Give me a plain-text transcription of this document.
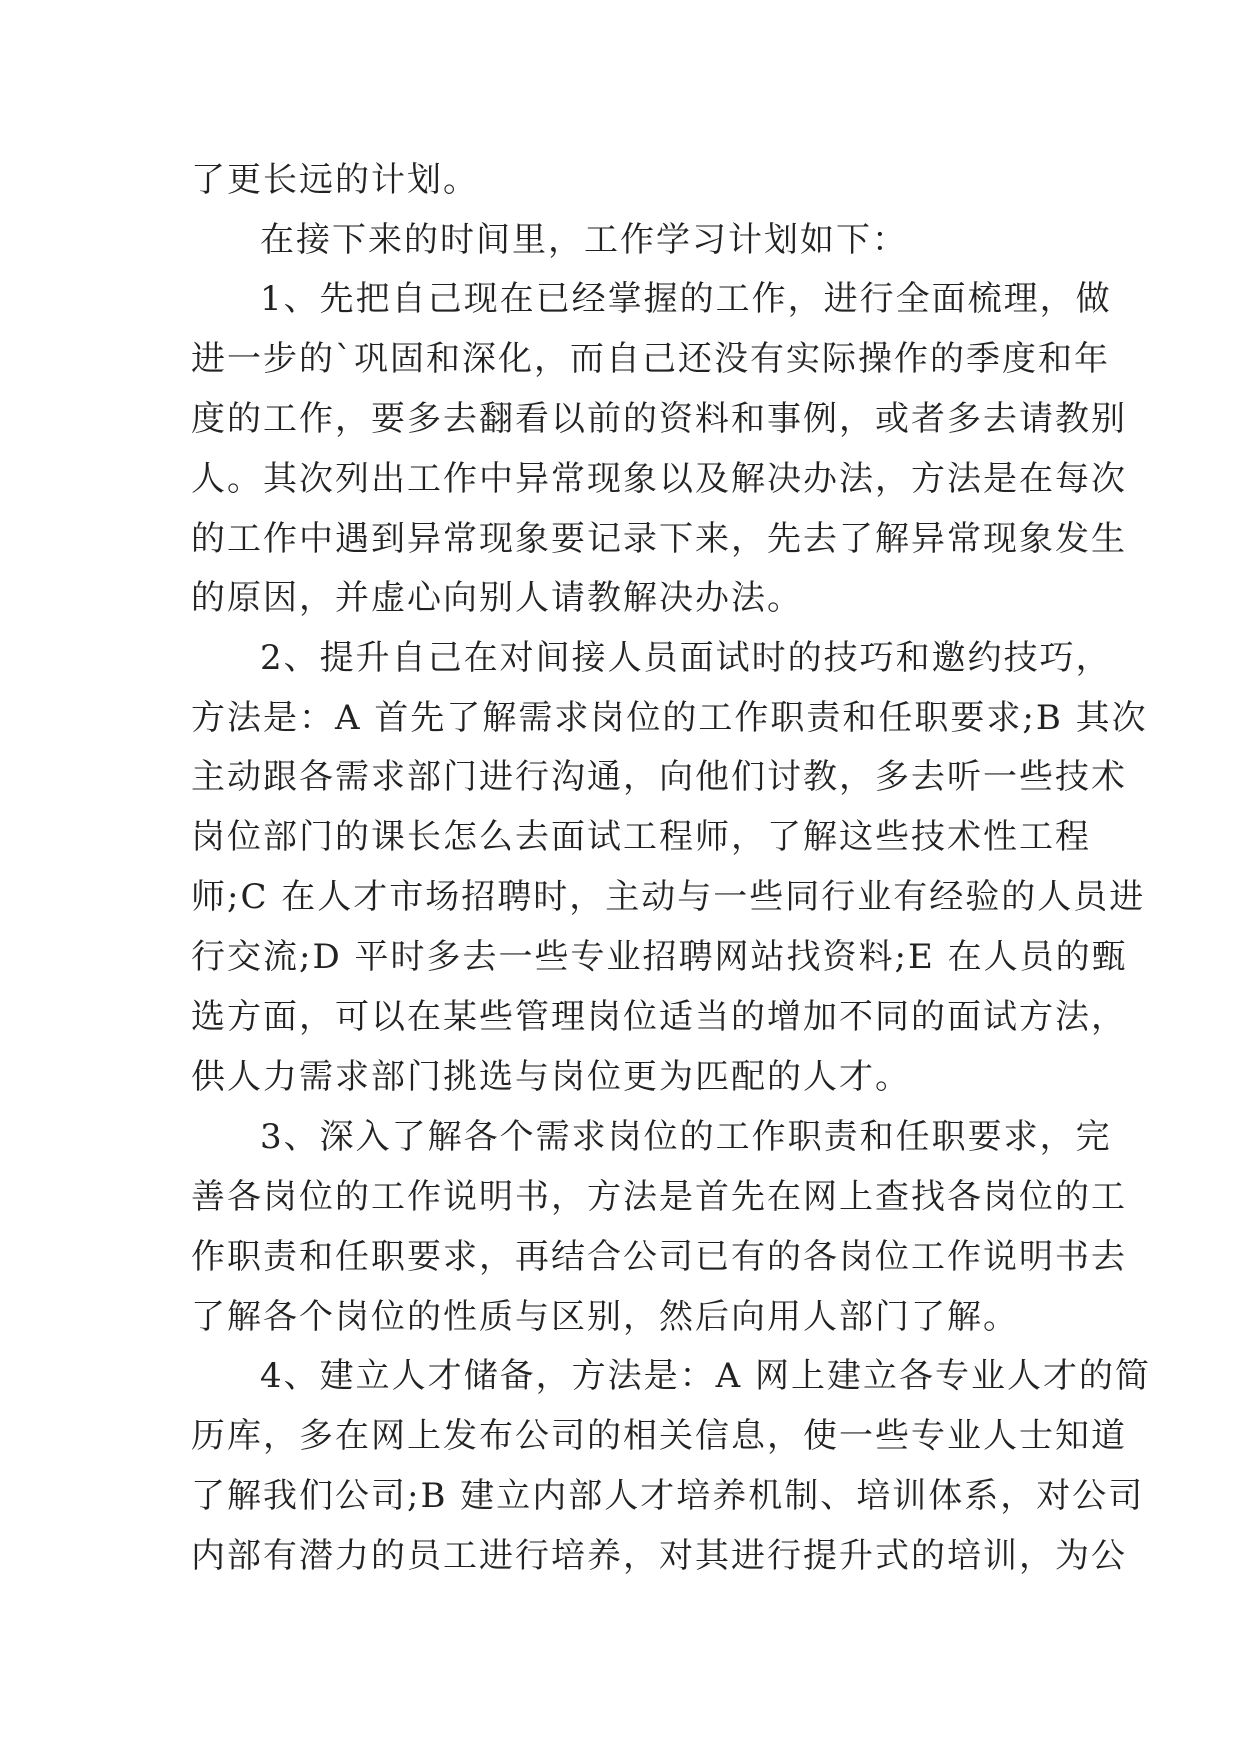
了更长远的计划。

在接下来的时间里，工作学习计划如下：

1、先把自己现在已经掌握的工作，进行全面梳理，做

进一步的`巩固和深化，而自己还没有实际操作的季度和年

度的工作，要多去翻看以前的资料和事例，或者多去请教别

人。其次列出工作中异常现象以及解决办法，方法是在每次

的工作中遇到异常现象要记录下来，先去了解异常现象发生

的原因，并虚心向别人请教解决办法。

2、提升自己在对间接人员面试时的技巧和邀约技巧，

方法是：A 首先了解需求岗位的工作职责和任职要求;B 其次

主动跟各需求部门进行沟通，向他们讨教，多去听一些技术

岗位部门的课长怎么去面试工程师，了解这些技术性工程

师;C 在人才市场招聘时，主动与一些同行业有经验的人员进

行交流;D 平时多去一些专业招聘网站找资料;E 在人员的甄

选方面，可以在某些管理岗位适当的增加不同的面试方法，

供人力需求部门挑选与岗位更为匹配的人才。

3、深入了解各个需求岗位的工作职责和任职要求，完

善各岗位的工作说明书，方法是首先在网上查找各岗位的工

作职责和任职要求，再结合公司已有的各岗位工作说明书去

了解各个岗位的性质与区别，然后向用人部门了解。

4、建立人才储备，方法是：A 网上建立各专业人才的简

历库，多在网上发布公司的相关信息，使一些专业人士知道

了解我们公司;B 建立内部人才培养机制、培训体系，对公司

内部有潜力的员工进行培养，对其进行提升式的培训，为公
